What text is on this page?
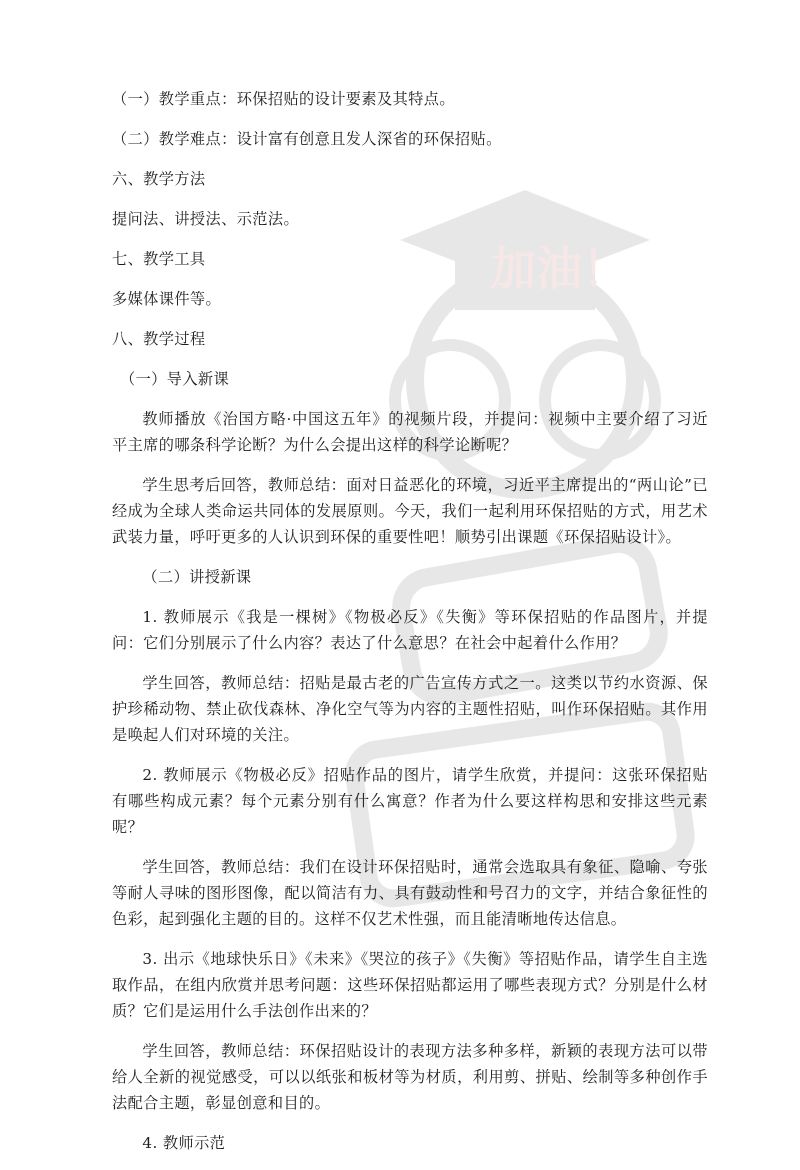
加油！

（一）教学重点：环保招贴的设计要素及其特点。

（二）教学难点：设计富有创意且发人深省的环保招贴。

六、教学方法

提问法、讲授法、示范法。

七、教学工具

多媒体课件等。

八、教学过程

（一）导入新课

教师播放《治国方略·中国这五年》的视频片段，并提问：视频中主要介绍了习近平主席的哪条科学论断？为什么会提出这样的科学论断呢？

学生思考后回答，教师总结：面对日益恶化的环境，习近平主席提出的“两山论”已经成为全球人类命运共同体的发展原则。今天，我们一起利用环保招贴的方式，用艺术武装力量，呼吁更多的人认识到环保的重要性吧！顺势引出课题《环保招贴设计》。

（二）讲授新课

1. 教师展示《我是一棵树》《物极必反》《失衡》等环保招贴的作品图片，并提问：它们分别展示了什么内容？表达了什么意思？在社会中起着什么作用？

学生回答，教师总结：招贴是最古老的广告宣传方式之一。这类以节约水资源、保护珍稀动物、禁止砍伐森林、净化空气等为内容的主题性招贴，叫作环保招贴。其作用是唤起人们对环境的关注。

2. 教师展示《物极必反》招贴作品的图片，请学生欣赏，并提问：这张环保招贴有哪些构成元素？每个元素分别有什么寓意？作者为什么要这样构思和安排这些元素呢？

学生回答，教师总结：我们在设计环保招贴时，通常会选取具有象征、隐喻、夸张等耐人寻味的图形图像，配以简洁有力、具有鼓动性和号召力的文字，并结合象征性的色彩，起到强化主题的目的。这样不仅艺术性强，而且能清晰地传达信息。

3. 出示《地球快乐日》《未来》《哭泣的孩子》《失衡》等招贴作品，请学生自主选取作品，在组内欣赏并思考问题：这些环保招贴都运用了哪些表现方式？分别是什么材质？它们是运用什么手法创作出来的？

学生回答，教师总结：环保招贴设计的表现方法多种多样，新颖的表现方法可以带给人全新的视觉感受，可以以纸张和板材等为材质，利用剪、拼贴、绘制等多种创作手法配合主题，彰显创意和目的。

4. 教师示范
